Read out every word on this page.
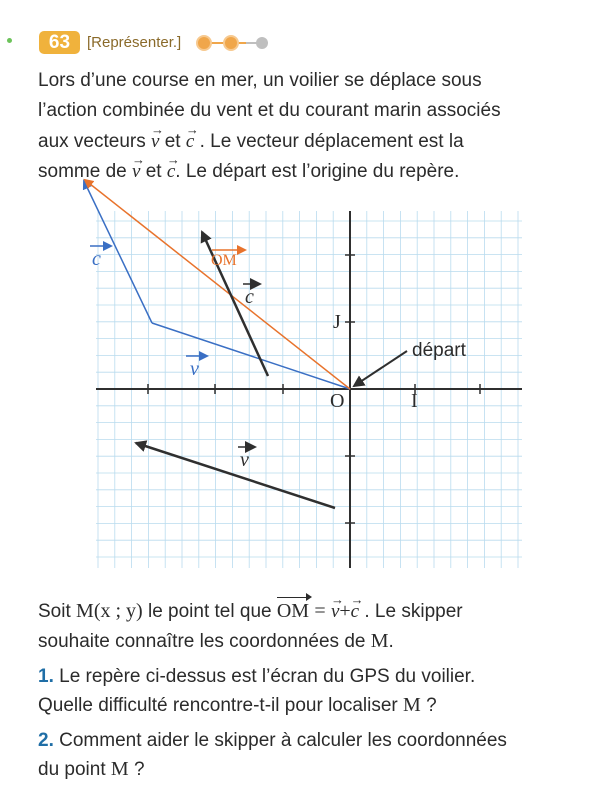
63	[Représenter.]
Lors d’une course en mer, un voilier se déplace sous
l’action combinée du vent et du courant marin associés
aux vecteurs → v et → c . Le vecteur déplacement est la
somme de → v et → c. Le départ est l’origine du repère.
c
v
OM
c
v
O	I
J
départ
Soit M(x ; y) le point tel que OM = → v+→ c . Le skipper
souhaite connaître les coordonnées de M.
1. Le repère ci-dessus est l’écran du GPS du voilier.
Quelle difficulté rencontre-t-il pour localiser M ?
2. Comment aider le skipper à calculer les coordonnées
du point M ?
